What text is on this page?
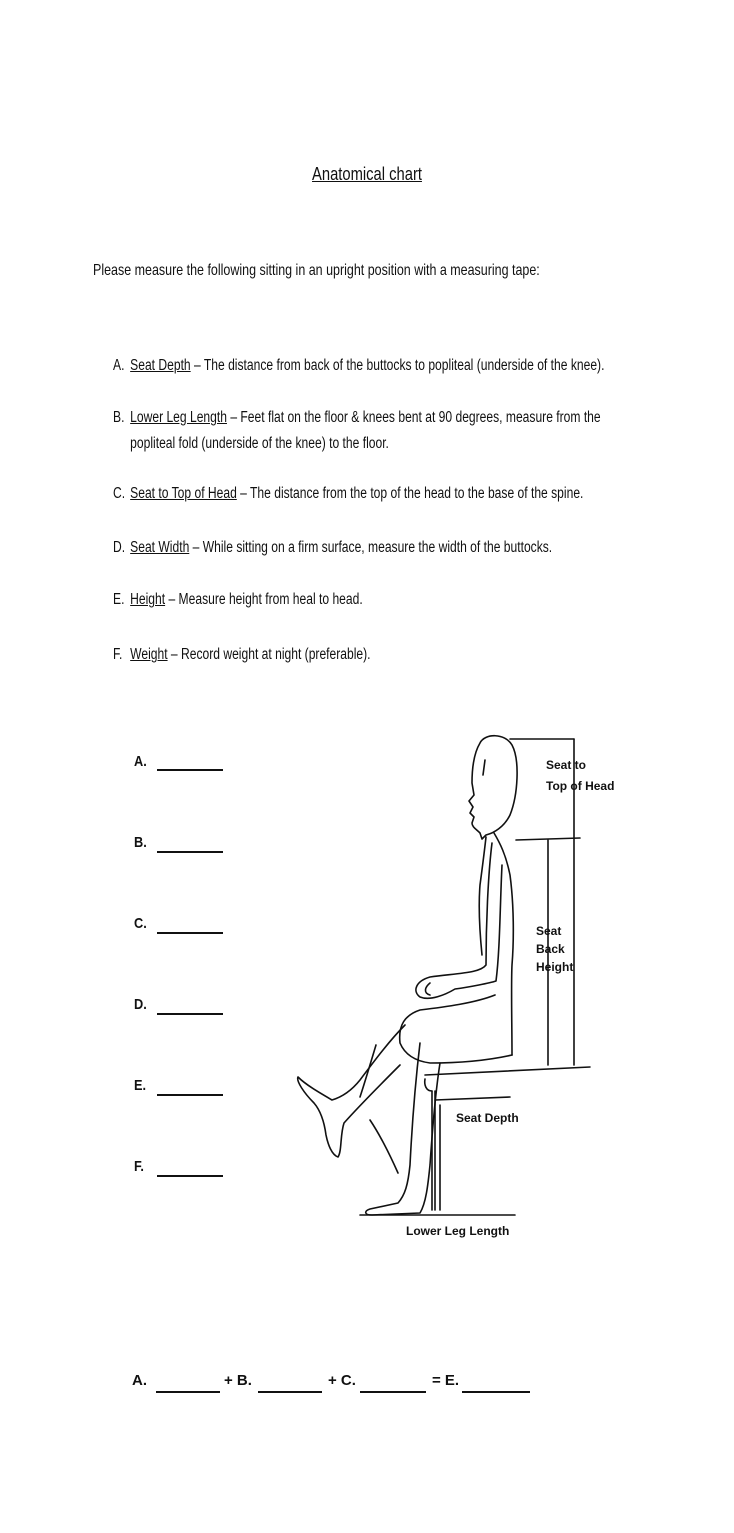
Anatomical chart
Please measure the following sitting in an upright position with a measuring tape:
A. Seat Depth – The distance from back of the buttocks to popliteal (underside of the knee).
B. Lower Leg Length – Feet flat on the floor & knees bent at 90 degrees, measure from the
popliteal fold (underside of the knee) to the floor.
C. Seat to Top of Head – The distance from the top of the head to the base of the spine.
D. Seat Width – While sitting on a firm surface, measure the width of the buttocks.
E. Height – Measure height from heal to head.
F. Weight – Record weight at night (preferable).
A.
B.
C.
D.
E.
F.
Seat to
Top of Head
Seat
Back
Height
Seat Depth
Lower Leg Length
A.	+ B.	+ C.	= E.
